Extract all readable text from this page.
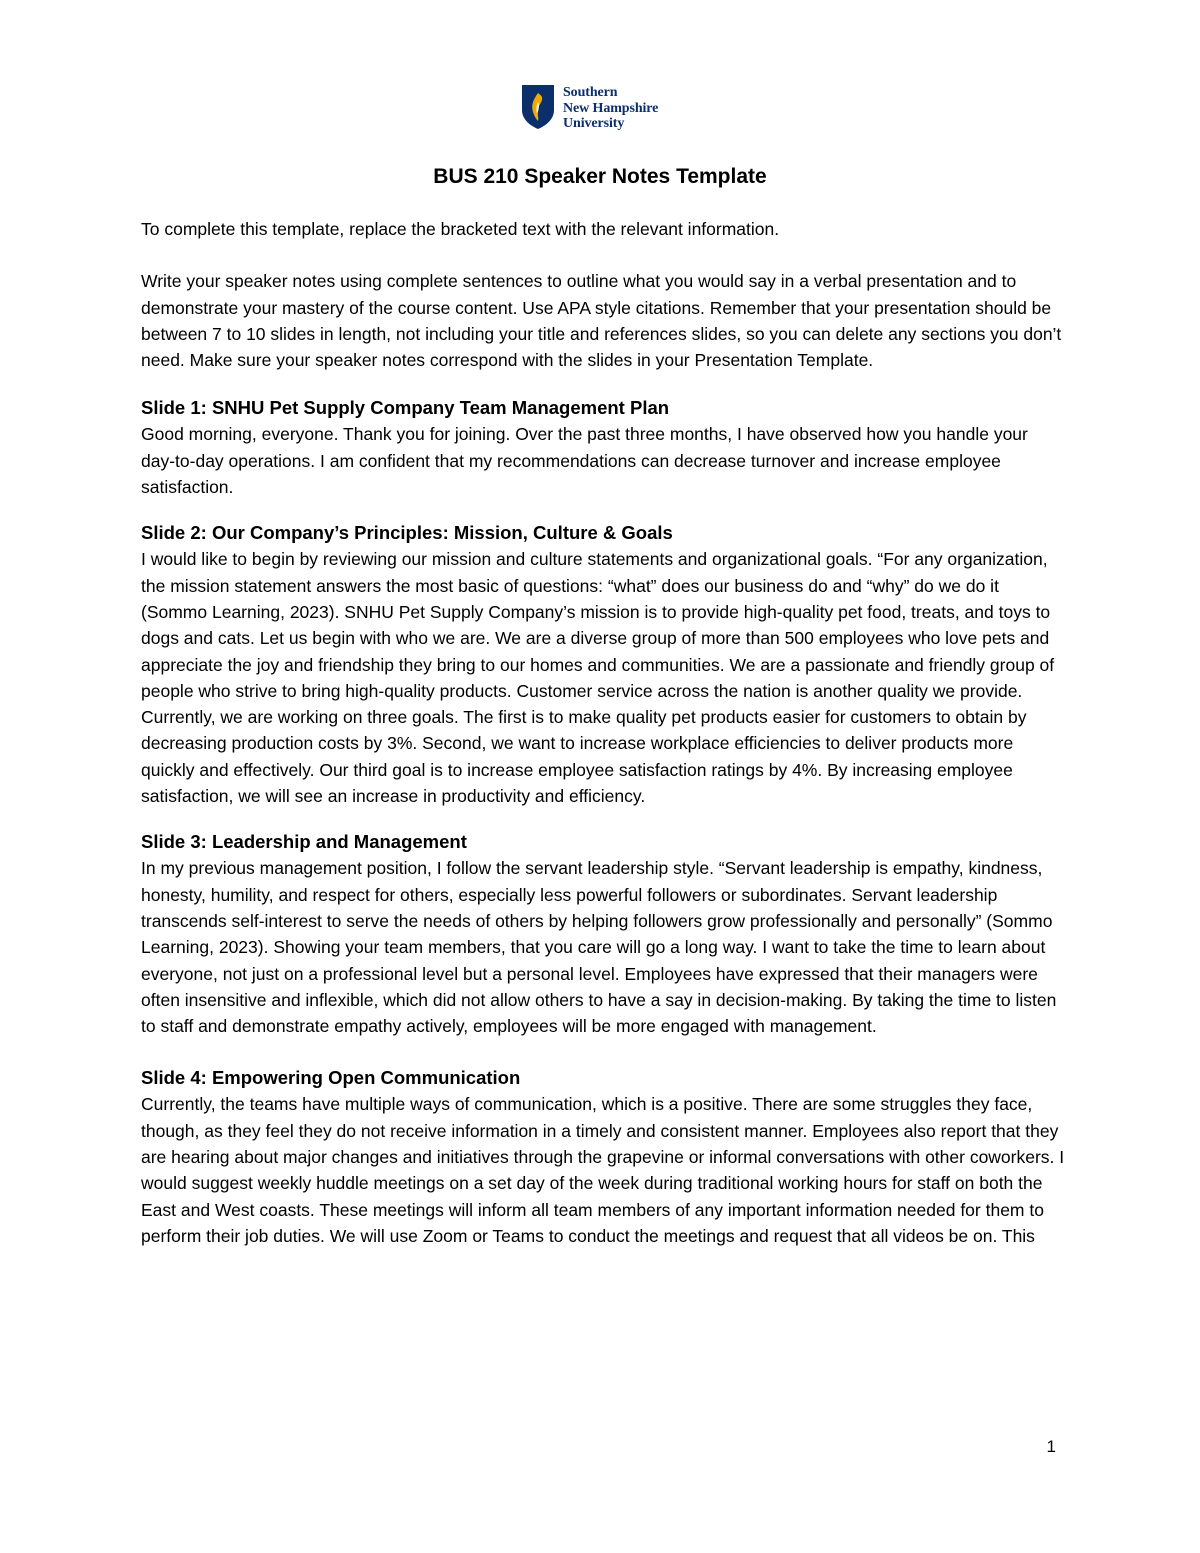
Southern
New Hampshire
University
BUS 210 Speaker Notes Template

To complete this template, replace the bracketed text with the relevant information.

Write your speaker notes using complete sentences to outline what you would say in a verbal presentation and to demonstrate your mastery of the course content. Use APA style citations. Remember that your presentation should be between 7 to 10 slides in length, not including your title and references slides, so you can delete any sections you don’t need. Make sure your speaker notes correspond with the slides in your Presentation Template.

Slide 1: SNHU Pet Supply Company Team Management Plan

Good morning, everyone. Thank you for joining. Over the past three months, I have observed how you handle your day-to-day operations. I am confident that my recommendations can decrease turnover and increase employee satisfaction.

Slide 2: Our Company’s Principles: Mission, Culture & Goals

I would like to begin by reviewing our mission and culture statements and organizational goals. “For any organization, the mission statement answers the most basic of questions: “what” does our business do and “why” do we do it (Sommo Learning, 2023). SNHU Pet Supply Company’s mission is to provide high-quality pet food, treats, and toys to dogs and cats. Let us begin with who we are. We are a diverse group of more than 500 employees who love pets and appreciate the joy and friendship they bring to our homes and communities. We are a passionate and friendly group of people who strive to bring high-quality products. Customer service across the nation is another quality we provide. Currently, we are working on three goals. The first is to make quality pet products easier for customers to obtain by decreasing production costs by 3%. Second, we want to increase workplace efficiencies to deliver products more quickly and effectively. Our third goal is to increase employee satisfaction ratings by 4%. By increasing employee satisfaction, we will see an increase in productivity and efficiency.

Slide 3: Leadership and Management

In my previous management position, I follow the servant leadership style. “Servant leadership is empathy, kindness, honesty, humility, and respect for others, especially less powerful followers or subordinates. Servant leadership transcends self-interest to serve the needs of others by helping followers grow professionally and personally” (Sommo Learning, 2023). Showing your team members, that you care will go a long way. I want to take the time to learn about everyone, not just on a professional level but a personal level. Employees have expressed that their managers were often insensitive and inflexible, which did not allow others to have a say in decision-making. By taking the time to listen to staff and demonstrate empathy actively, employees will be more engaged with management.

Slide 4: Empowering Open Communication

Currently, the teams have multiple ways of communication, which is a positive. There are some struggles they face, though, as they feel they do not receive information in a timely and consistent manner. Employees also report that they are hearing about major changes and initiatives through the grapevine or informal conversations with other coworkers. I would suggest weekly huddle meetings on a set day of the week during traditional working hours for staff on both the East and West coasts. These meetings will inform all team members of any important information needed for them to perform their job duties. We will use Zoom or Teams to conduct the meetings and request that all videos be on. This

1
